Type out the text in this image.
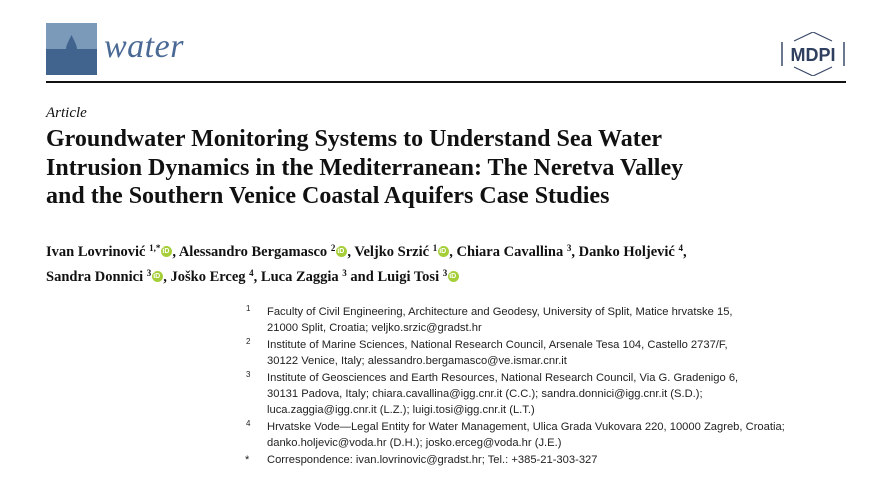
water	MDPI
Article
Groundwater Monitoring Systems to Understand Sea Water
Intrusion Dynamics in the Mediterranean: The Neretva Valley
and the Southern Venice Coastal Aquifers Case Studies
Ivan Lovrinović $^{1,*}$ iD , Alessandro Bergamasco $^2$ iD , Veljko Srzić $^1$ iD , Chiara Cavallina $^3$, Danko Holjević $^4$,
Sandra Donnici $^3$ iD , Joško Erceg $^4$, Luca Zaggia $^3$ and Luigi Tosi $^3$iD
1 Faculty of Civil Engineering, Architecture and Geodesy, University of Split, Matice hrvatske 15,
21000 Split, Croatia; veljko.srzic@gradst.hr
2 Institute of Marine Sciences, National Research Council, Arsenale Tesa 104, Castello 2737/F,
30122 Venice, Italy; alessandro.bergamasco@ve.ismar.cnr.it
3 Institute of Geosciences and Earth Resources, National Research Council, Via G. Gradenigo 6,
30131 Padova, Italy; chiara.cavallina@igg.cnr.it (C.C.); sandra.donnici@igg.cnr.it (S.D.);
luca.zaggia@igg.cnr.it (L.Z.); luigi.tosi@igg.cnr.it (L.T.)
4 Hrvatske Vode—Legal Entity for Water Management, Ulica Grada Vukovara 220, 10000 Zagreb, Croatia;
danko.holjevic@voda.hr (D.H.); josko.erceg@voda.hr (J.E.)
* Correspondence: ivan.lovrinovic@gradst.hr; Tel.: +385-21-303-327
